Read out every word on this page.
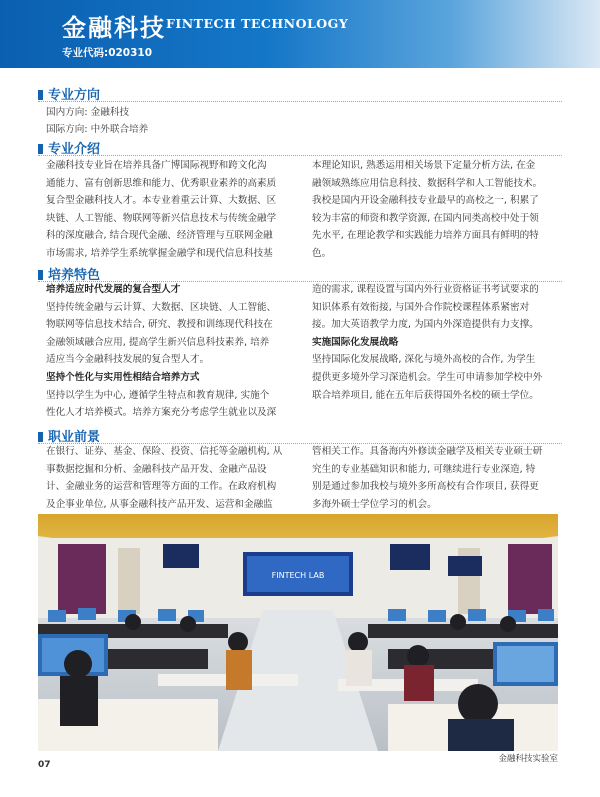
金融科技 FINTECH TECHNOLOGY
专业代码:020310
专业方向
国内方向: 金融科技
国际方向: 中外联合培养
专业介绍
金融科技专业旨在培养具备广博国际视野和跨文化沟
通能力、富有创新思维和能力、优秀职业素养的高素质
复合型金融科技人才。本专业着重云计算、大数据、区
块链、人工智能、物联网等新兴信息技术与传统金融学
科的深度融合, 结合现代金融、经济管理与互联网金融
市场需求, 培养学生系统掌握金融学和现代信息科技基
本理论知识, 熟悉运用相关场景下定量分析方法, 在金
融领域熟练应用信息科技、数据科学和人工智能技术。
我校是国内开设金融科技专业最早的高校之一, 积累了
较为丰富的师资和教学资源, 在国内同类高校中处于领
先水平, 在理论教学和实践能力培养方面具有鲜明的特
色。
培养特色
培养适应时代发展的复合型人才
坚持传统金融与云计算、大数据、区块链、人工智能、
物联网等信息技术结合, 研究、教授和训练现代科技在
金融领域融合应用, 提高学生新兴信息科技素养, 培养
适应当今金融科技发展的复合型人才。
坚持个性化与实用性相结合培养方式
坚持以学生为中心, 遵循学生特点和教育规律, 实施个
性化人才培养模式。培养方案充分考虑学生就业以及深
造的需求, 课程设置与国内外行业资格证书考试要求的
知识体系有效衔接, 与国外合作院校课程体系紧密对
接。加大英语教学力度, 为国内外深造提供有力支撑。
实施国际化发展战略
坚持国际化发展战略, 深化与境外高校的合作, 为学生
提供更多境外学习深造机会。学生可申请参加学校中外
联合培养项目, 能在五年后获得国外名校的硕士学位。
职业前景
在银行、证券、基金、保险、投资、信托等金融机构, 从
事数据挖掘和分析、金融科技产品开发、金融产品设
计、金融业务的运营和管理等方面的工作。在政府机构
及企事业单位, 从事金融科技产品开发、运营和金融监
管相关工作。具备海内外修读金融学及相关专业硕士研
究生的专业基础知识和能力, 可继续进行专业深造, 特
别是通过参加我校与境外多所高校有合作项目, 获得更
多海外硕士学位学习的机会。
FINTECH LAB
金融科技实验室
07
